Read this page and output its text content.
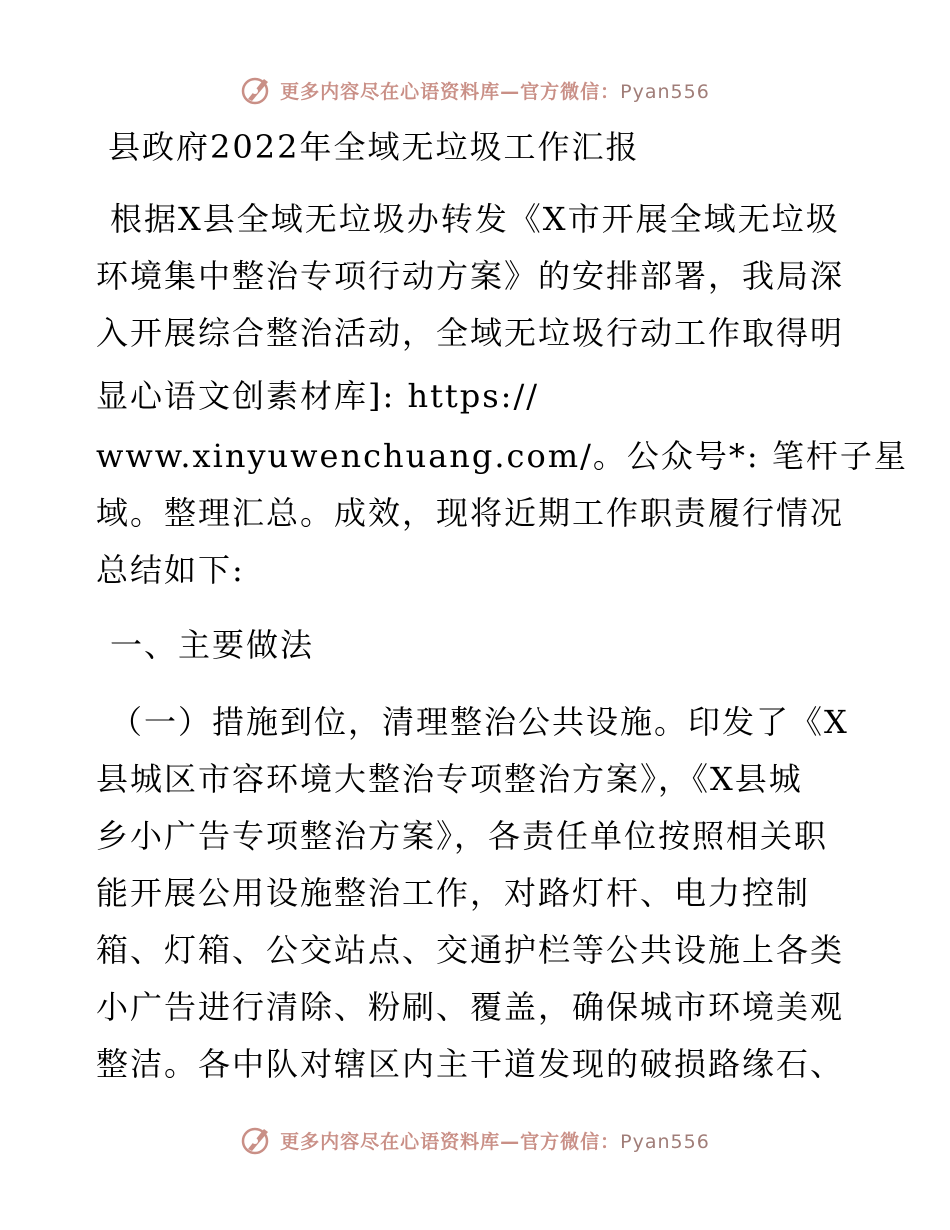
更多内容尽在心语资料库—官方微信：Pyan556
县政府2022年全域无垃圾工作汇报
根据X县全域无垃圾办转发《X市开展全域无垃圾
环境集中整治专项行动方案》的安排部署，我局深
入开展综合整治活动，全域无垃圾行动工作取得明
显心语文创素材库]: https://
www.xinyuwenchuang.com/。公众号*: 笔杆子星
域。整理汇总。成效，现将近期工作职责履行情况
总结如下:
一、主要做法
（一）措施到位，清理整治公共设施。印发了《X
县城区市容环境大整治专项整治方案》，《X县城
乡小广告专项整治方案》，各责任单位按照相关职
能开展公用设施整治工作，对路灯杆、电力控制
箱、灯箱、公交站点、交通护栏等公共设施上各类
小广告进行清除、粉刷、覆盖，确保城市环境美观
整洁。各中队对辖区内主干道发现的破损路缘石、
更多内容尽在心语资料库—官方微信：Pyan556
